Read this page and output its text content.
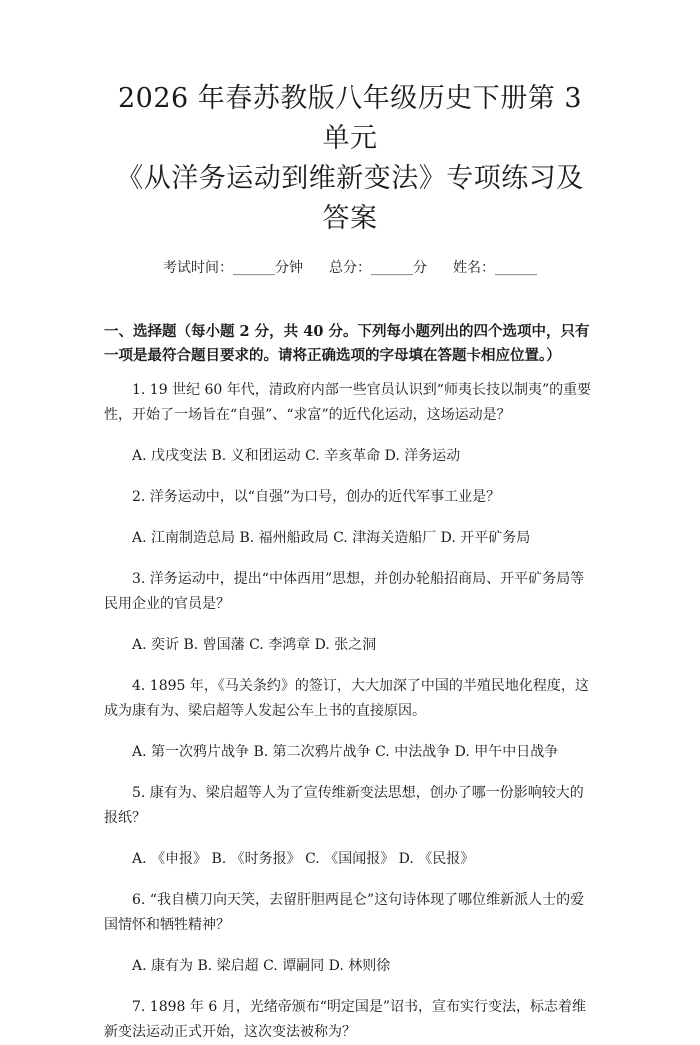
2026 年春苏教版八年级历史下册第 3 单元
《从洋务运动到维新变法》专项练习及答案
考试时间：______分钟 总分：______分 姓名：______
一、选择题（每小题 2 分，共 40 分。下列每小题列出的四个选项中，只有一项是最符合题目要求的。请将正确选项的字母填在答题卡相应位置。）

1. 19 世纪 60 年代，清政府内部一些官员认识到“师夷长技以制夷”的重要性，开始了一场旨在“自强”、“求富”的近代化运动，这场运动是？

A. 戊戌变法 B. 义和团运动 C. 辛亥革命 D. 洋务运动

2. 洋务运动中，以“自强”为口号，创办的近代军事工业是？

A. 江南制造总局 B. 福州船政局 C. 津海关造船厂 D. 开平矿务局

3. 洋务运动中，提出“中体西用”思想，并创办轮船招商局、开平矿务局等民用企业的官员是？

A. 奕䜣 B. 曾国藩 C. 李鸿章 D. 张之洞

4. 1895 年，《马关条约》的签订，大大加深了中国的半殖民地化程度，这成为康有为、梁启超等人发起公车上书的直接原因。

A. 第一次鸦片战争 B. 第二次鸦片战争 C. 中法战争 D. 甲午中日战争

5. 康有为、梁启超等人为了宣传维新变法思想，创办了哪一份影响较大的报纸？

A. 《申报》 B. 《时务报》 C. 《国闻报》 D. 《民报》

6. “我自横刀向天笑，去留肝胆两昆仑”这句诗体现了哪位维新派人士的爱国情怀和牺牲精神？

A. 康有为 B. 梁启超 C. 谭嗣同 D. 林则徐

7. 1898 年 6 月，光绪帝颁布“明定国是”诏书，宣布实行变法，标志着维新变法运动正式开始，这次变法被称为？
